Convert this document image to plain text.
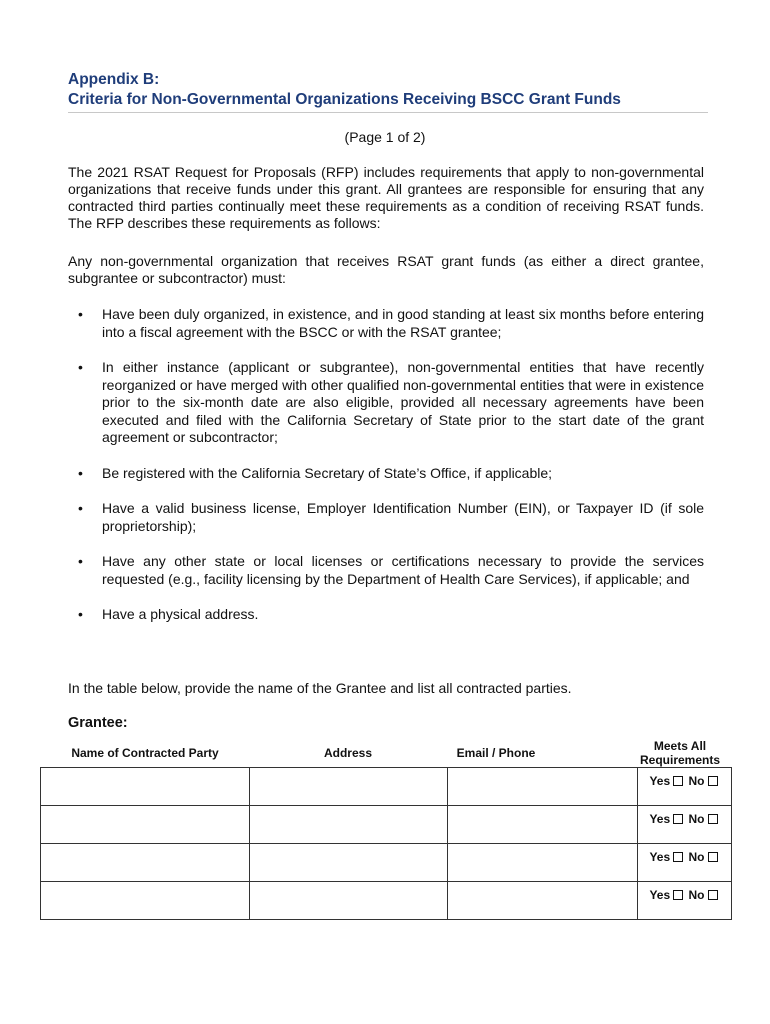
Appendix B:
Criteria for Non-Governmental Organizations Receiving BSCC Grant Funds
(Page 1 of 2)
The 2021 RSAT Request for Proposals (RFP) includes requirements that apply to non-governmental organizations that receive funds under this grant. All grantees are responsible for ensuring that any contracted third parties continually meet these requirements as a condition of receiving RSAT funds. The RFP describes these requirements as follows:
Any non-governmental organization that receives RSAT grant funds (as either a direct grantee, subgrantee or subcontractor) must:
• Have been duly organized, in existence, and in good standing at least six months before entering into a fiscal agreement with the BSCC or with the RSAT grantee;
• In either instance (applicant or subgrantee), non-governmental entities that have recently reorganized or have merged with other qualified non-governmental entities that were in existence prior to the six-month date are also eligible, provided all necessary agreements have been executed and filed with the California Secretary of State prior to the start date of the grant agreement or subcontractor;
• Be registered with the California Secretary of State’s Office, if applicable;
• Have a valid business license, Employer Identification Number (EIN), or Taxpayer ID (if sole proprietorship);
• Have any other state or local licenses or certifications necessary to provide the services requested (e.g., facility licensing by the Department of Health Care Services), if applicable; and
• Have a physical address.
In the table below, provide the name of the Grantee and list all contracted parties.
Grantee:
Name of Contracted Party	Address	Email / Phone	Meets All Requirements

			Yes No

			Yes No

			Yes No

			Yes No
